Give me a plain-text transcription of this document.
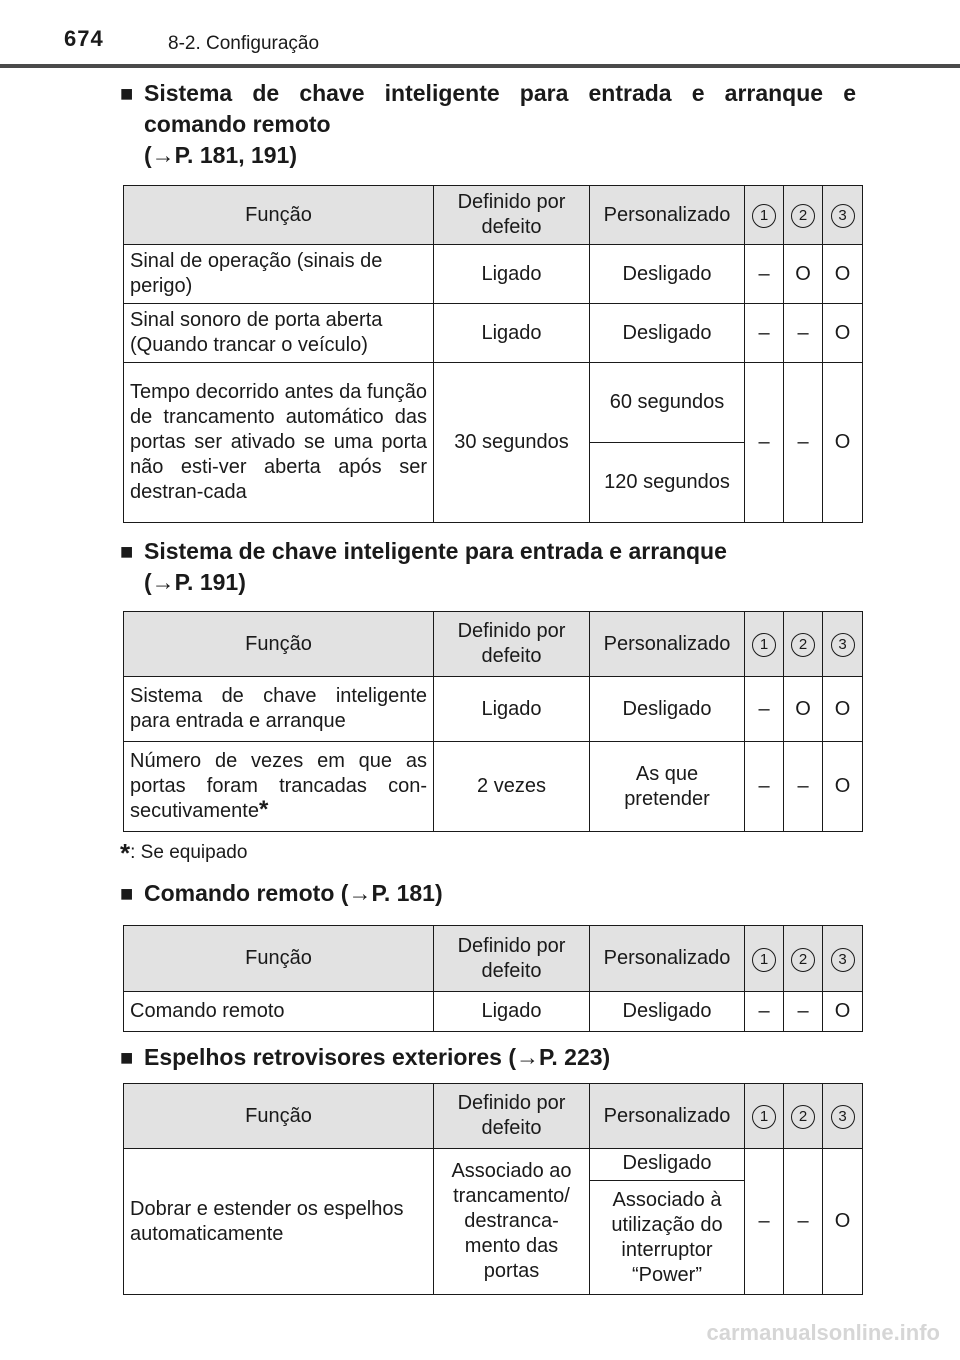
674	8-2. Configuração
■ Sistema de chave inteligente para entrada e arranque e
comando remoto
(→P. 181, 191)
Função	Definido por defeito	Personalizado	1	2	3
Sinal de operação (sinais de perigo)	Ligado	Desligado	–	O	O
Sinal sonoro de porta aberta (Quando trancar o veículo)	Ligado	Desligado	–	–	O
Tempo decorrido antes da função de trancamento automático das portas ser ativado se uma porta não esti-ver aberta após ser destran-cada	30 segundos	60 segundos	–	–	O
		120 segundos			
■ Sistema de chave inteligente para entrada e arranque
(→P. 191)
Função	Definido por defeito	Personalizado	1	2	3
Sistema de chave inteligente para entrada e arranque	Ligado	Desligado	–	O	O
Número de vezes em que as portas foram trancadas con-secutivamente*	2 vezes	As que pretender	–	–	O
*: Se equipado
■ Comando remoto (→P. 181)
Função	Definido por defeito	Personalizado	1	2	3
Comando remoto	Ligado	Desligado	–	–	O
■ Espelhos retrovisores exteriores (→P. 223)
Função	Definido por defeito	Personalizado	1	2	3
Dobrar e estender os espelhos automaticamente	Associado ao trancamento/ destranca-mento das portas	Desligado	–	–	O
		Associado à utilização do interruptor “Power”			
carmanualsonline.info
